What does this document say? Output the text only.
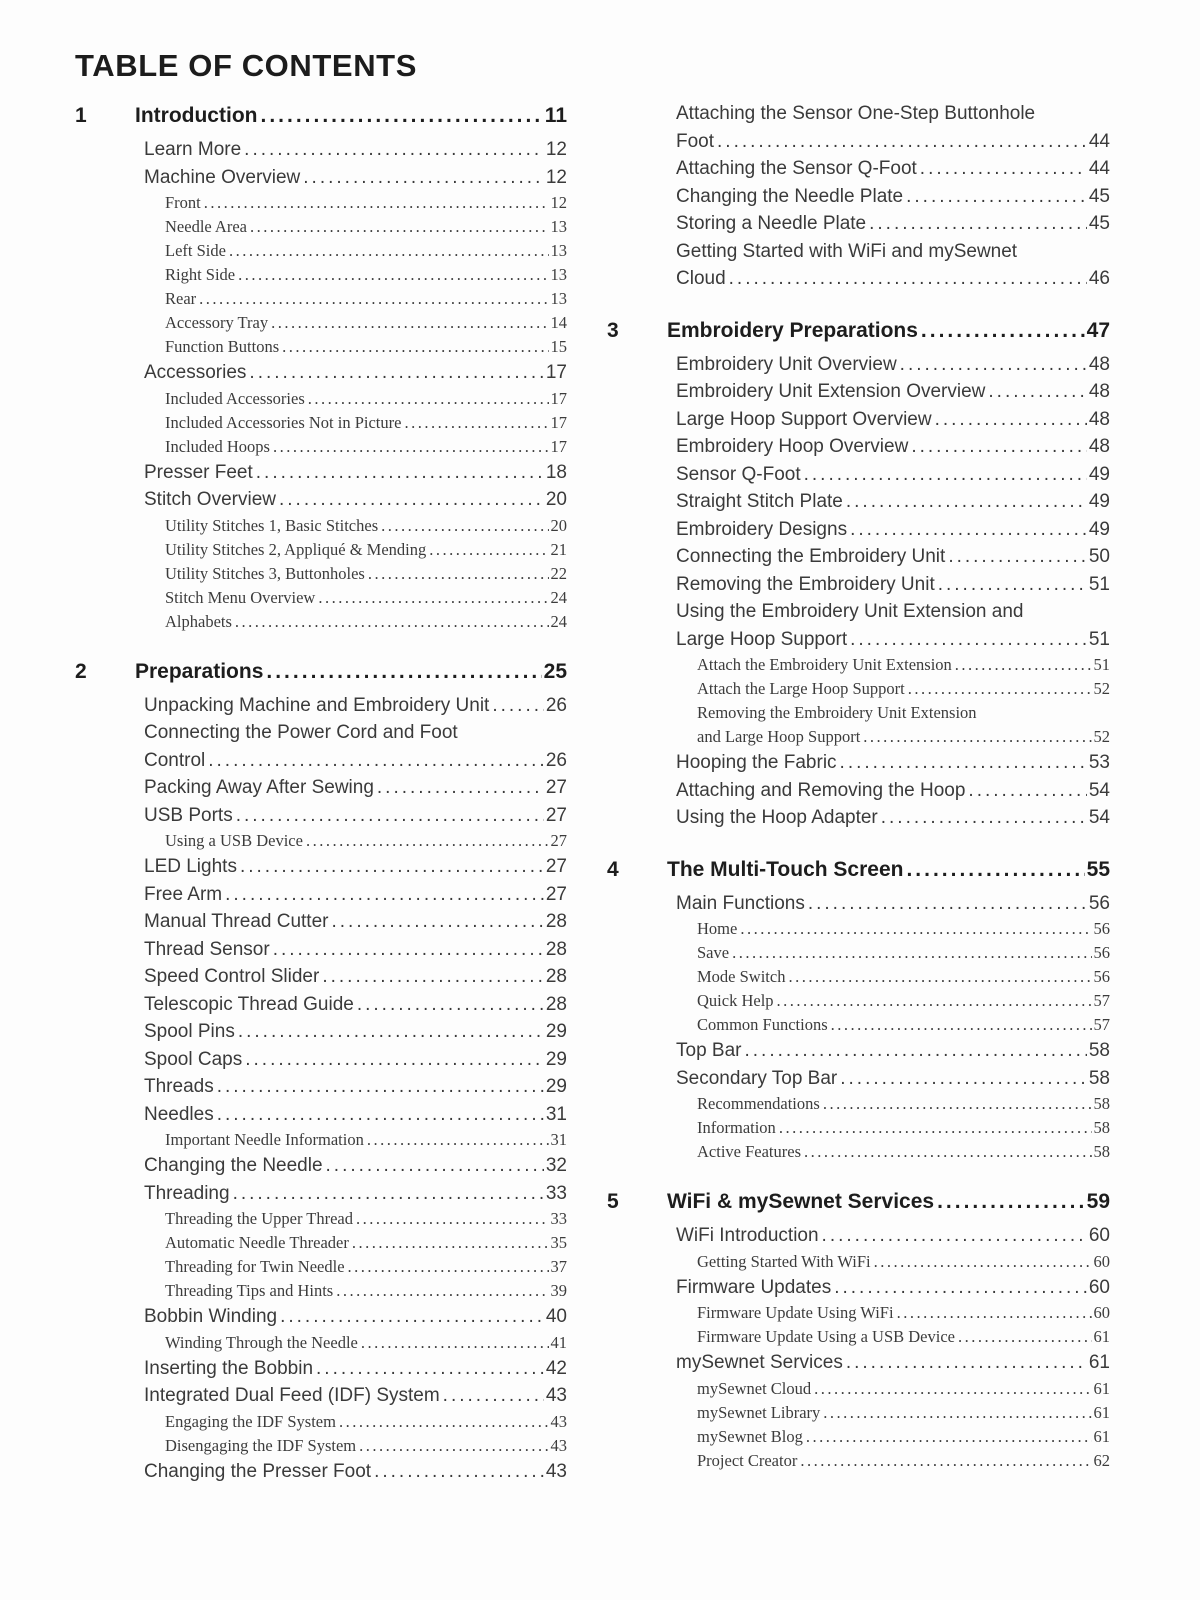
TABLE OF CONTENTS
1	Introduction .....	11
Learn More .....	12
Machine Overview .....	12
Front .....	12
Needle Area .....	13
Left Side .....	13
Right Side .....	13
Rear .....	13
Accessory Tray .....	14
Function Buttons .....	15
Accessories .....	17
Included Accessories .....	17
Included Accessories Not in Picture .....	17
Included Hoops .....	17
Presser Feet .....	18
Stitch Overview .....	20
Utility Stitches 1, Basic Stitches .....	20
Utility Stitches 2, Appliqué & Mending .....	21
Utility Stitches 3, Buttonholes .....	22
Stitch Menu Overview .....	24
Alphabets .....	24
2	Preparations .....	25
Unpacking Machine and Embroidery Unit .....	26
Connecting the Power Cord and Foot
Control .....	26
Packing Away After Sewing .....	27
USB Ports .....	27
Using a USB Device .....	27
LED Lights .....	27
Free Arm .....	27
Manual Thread Cutter .....	28
Thread Sensor .....	28
Speed Control Slider .....	28
Telescopic Thread Guide .....	28
Spool Pins .....	29
Spool Caps .....	29
Threads .....	29
Needles .....	31
Important Needle Information .....	31
Changing the Needle .....	32
Threading .....	33
Threading the Upper Thread .....	33
Automatic Needle Threader .....	35
Threading for Twin Needle .....	37
Threading Tips and Hints .....	39
Bobbin Winding .....	40
Winding Through the Needle .....	41
Inserting the Bobbin .....	42
Integrated Dual Feed (IDF) System .....	43
Engaging the IDF System .....	43
Disengaging the IDF System .....	43
Changing the Presser Foot .....	43
Attaching the Sensor One-Step Buttonhole
Foot .....	44
Attaching the Sensor Q-Foot .....	44
Changing the Needle Plate .....	45
Storing a Needle Plate .....	45
Getting Started with WiFi and mySewnet
Cloud .....	46
3	Embroidery Preparations .....	47
Embroidery Unit Overview .....	48
Embroidery Unit Extension Overview .....	48
Large Hoop Support Overview .....	48
Embroidery Hoop Overview .....	48
Sensor Q-Foot .....	49
Straight Stitch Plate .....	49
Embroidery Designs .....	49
Connecting the Embroidery Unit .....	50
Removing the Embroidery Unit .....	51
Using the Embroidery Unit Extension and
Large Hoop Support .....	51
Attach the Embroidery Unit Extension .....	51
Attach the Large Hoop Support .....	52
Removing the Embroidery Unit Extension
and Large Hoop Support .....	52
Hooping the Fabric .....	53
Attaching and Removing the Hoop .....	54
Using the Hoop Adapter .....	54
4	The Multi-Touch Screen .....	55
Main Functions .....	56
Home .....	56
Save .....	56
Mode Switch .....	56
Quick Help .....	57
Common Functions .....	57
Top Bar .....	58
Secondary Top Bar .....	58
Recommendations .....	58
Information .....	58
Active Features .....	58
5	WiFi & mySewnet Services .....	59
WiFi Introduction .....	60
Getting Started With WiFi .....	60
Firmware Updates .....	60
Firmware Update Using WiFi .....	60
Firmware Update Using a USB Device .....	61
mySewnet Services .....	61
mySewnet Cloud .....	61
mySewnet Library .....	61
mySewnet Blog .....	61
Project Creator .....	62
